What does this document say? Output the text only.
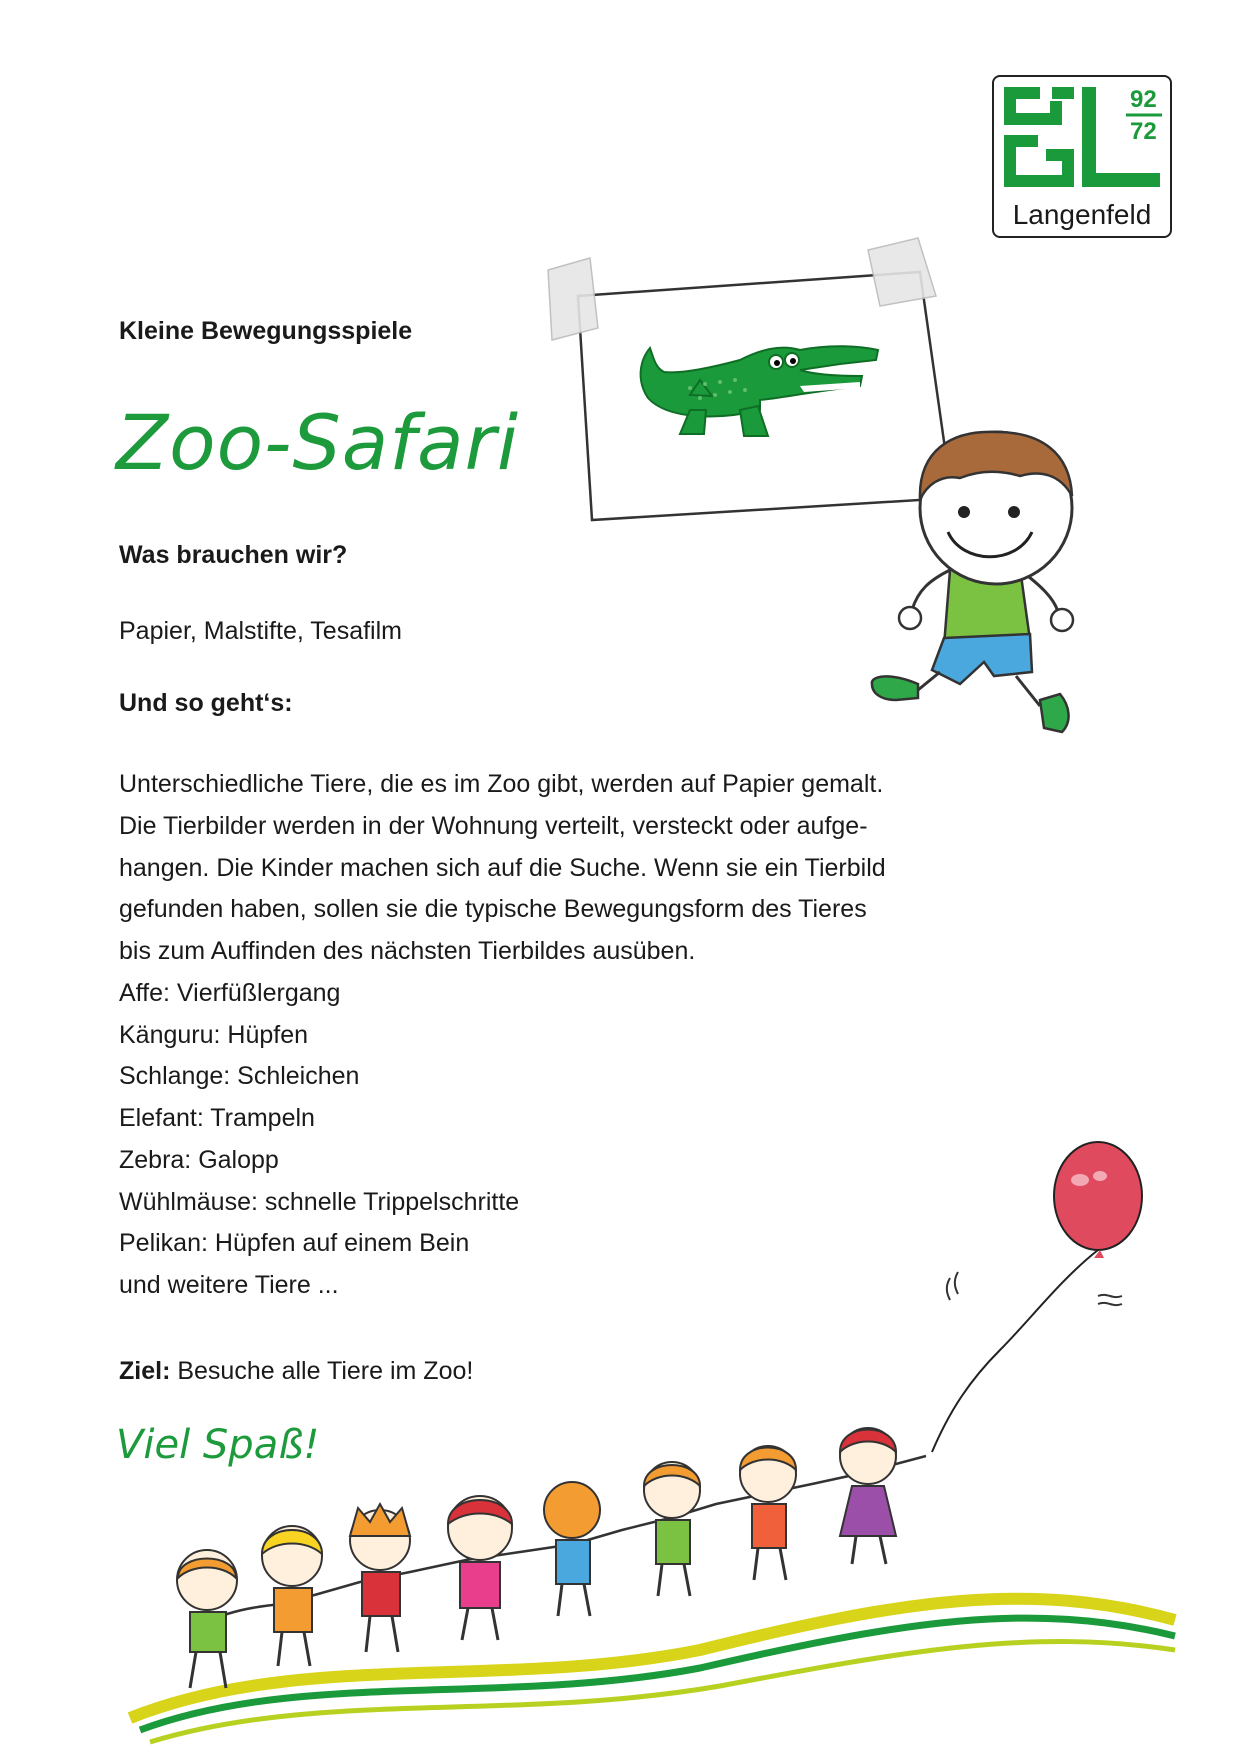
92
72
Langenfeld
Kleine Bewegungsspiele
Zoo-Safari
Was brauchen wir?
Papier, Malstifte, Tesafilm
Und so geht‘s:
Unterschiedliche Tiere, die es im Zoo gibt, werden auf Papier gemalt.
Die Tierbilder werden in der Wohnung verteilt, versteckt oder aufge-
hangen. Die Kinder machen sich auf die Suche. Wenn sie ein Tierbild
gefunden haben, sollen sie die typische Bewegungsform des Tieres
bis zum Auffinden des nächsten Tierbildes ausüben.
Affe: Vierfüßlergang
Känguru: Hüpfen
Schlange: Schleichen
Elefant: Trampeln
Zebra: Galopp
Wühlmäuse: schnelle Trippelschritte
Pelikan: Hüpfen auf einem Bein
und weitere Tiere ...
Ziel: Besuche alle Tiere im Zoo!
Viel Spaß!
